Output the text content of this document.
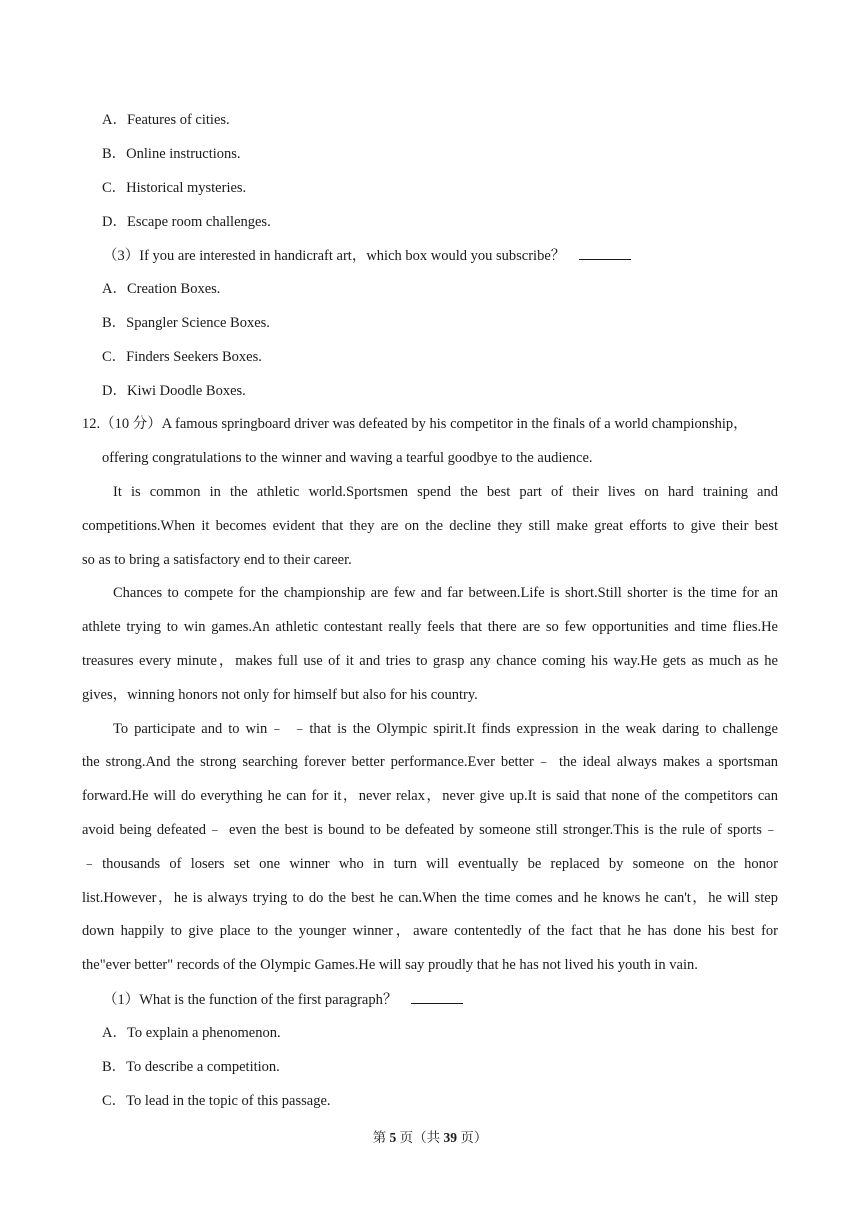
A．Features of cities.
B．Online instructions.
C．Historical mysteries.
D．Escape room challenges.
（3）If you are interested in handicraft art，which box would you subscribe？
A．Creation Boxes.
B．Spangler Science Boxes.
C．Finders Seekers Boxes.
D．Kiwi Doodle Boxes.
12.（10 分）A famous springboard driver was defeated by his competitor in the finals of a world championship，
offering congratulations to the winner and waving a tearful goodbye to the audience.
It is common in the athletic world.Sportsmen spend the best part of their lives on hard training and
competitions.When it becomes evident that they are on the decline they still make great efforts to give their best
so as to bring a satisfactory end to their career.
Chances to compete for the championship are few and far between.Life is short.Still shorter is the time for an
athlete trying to win games.An athletic contestant really feels that there are so few opportunities and time flies.He
treasures every minute，makes full use of it and tries to grasp any chance coming his way.He gets as much as he
gives，winning honors not only for himself but also for his country.
To participate and to win﹣ ﹣that is the Olympic spirit.It finds expression in the weak daring to challenge
the strong.And the strong searching forever better performance.Ever better﹣ the ideal always makes a sportsman
forward.He will do everything he can for it，never relax，never give up.It is said that none of the competitors can
avoid being defeated﹣ even the best is bound to be defeated by someone still stronger.This is the rule of sports﹣
﹣thousands of losers set one winner who in turn will eventually be replaced by someone on the honor
list.However，he is always trying to do the best he can.When the time comes and he knows he can't，he will step
down happily to give place to the younger winner，aware contentedly of the fact that he has done his best for
the"ever better" records of the Olympic Games.He will say proudly that he has not lived his youth in vain.
（1）What is the function of the first paragraph？
A．To explain a phenomenon.
B．To describe a competition.
C．To lead in the topic of this passage.
第 5 页（共 39 页）
